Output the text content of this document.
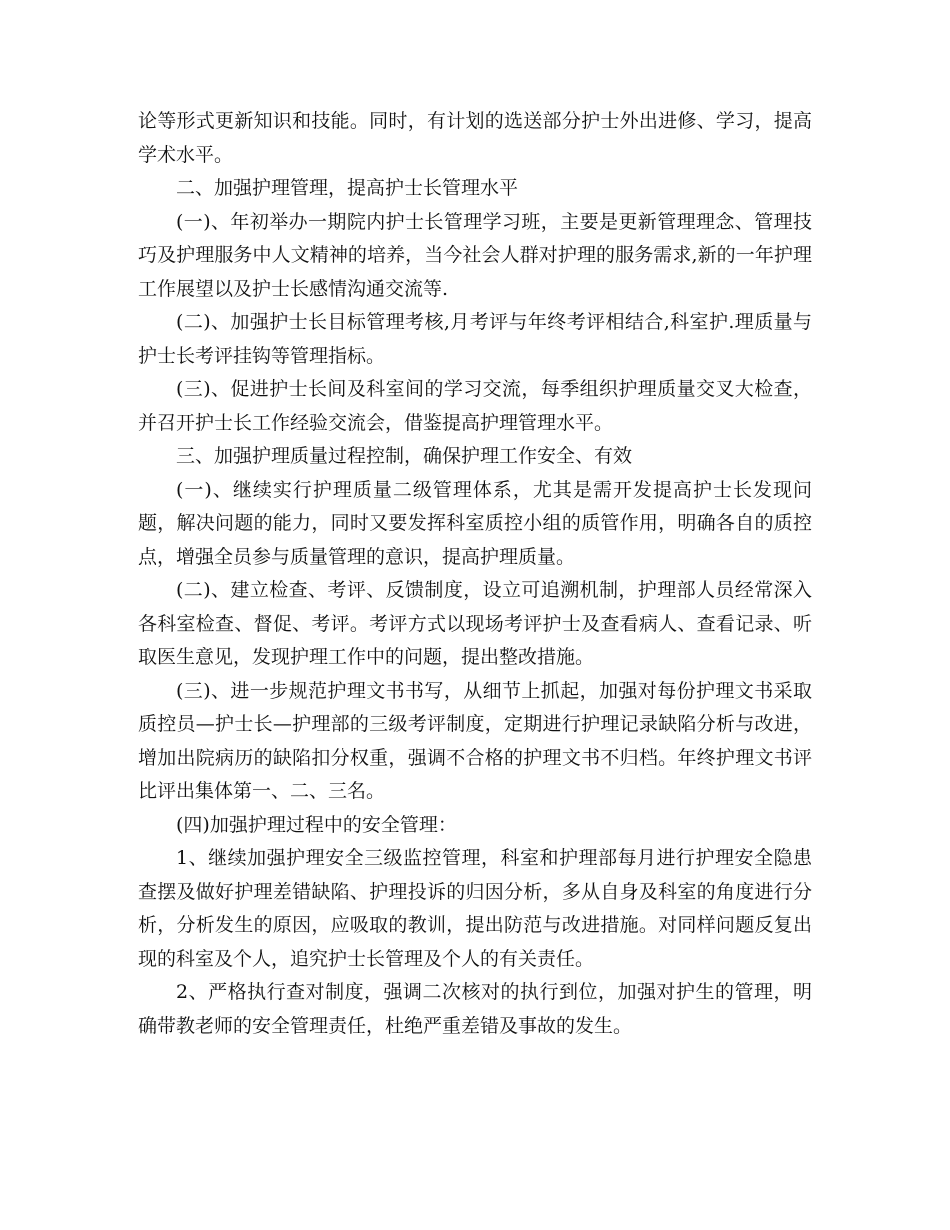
论等形式更新知识和技能。同时，有计划的选送部分护士外出进修、学习，提高学术水平。

二、加强护理管理，提高护士长管理水平

(一)、年初举办一期院内护士长管理学习班，主要是更新管理理念、管理技巧及护理服务中人文精神的培养，当今社会人群对护理的服务需求,新的一年护理工作展望以及护士长感情沟通交流等.

(二)、加强护士长目标管理考核,月考评与年终考评相结合,科室护.理质量与护士长考评挂钩等管理指标。

(三)、促进护士长间及科室间的学习交流，每季组织护理质量交叉大检查，并召开护士长工作经验交流会，借鉴提高护理管理水平。

三、加强护理质量过程控制，确保护理工作安全、有效

(一)、继续实行护理质量二级管理体系，尤其是需开发提高护士长发现问题，解决问题的能力，同时又要发挥科室质控小组的质管作用，明确各自的质控点，增强全员参与质量管理的意识，提高护理质量。

(二)、建立检查、考评、反馈制度，设立可追溯机制，护理部人员经常深入各科室检查、督促、考评。考评方式以现场考评护士及查看病人、查看记录、听取医生意见，发现护理工作中的问题，提出整改措施。

(三)、进一步规范护理文书书写，从细节上抓起，加强对每份护理文书采取质控员—护士长—护理部的三级考评制度，定期进行护理记录缺陷分析与改进，增加出院病历的缺陷扣分权重，强调不合格的护理文书不归档。年终护理文书评比评出集体第一、二、三名。

(四)加强护理过程中的安全管理：

1、继续加强护理安全三级监控管理，科室和护理部每月进行护理安全隐患查摆及做好护理差错缺陷、护理投诉的归因分析，多从自身及科室的角度进行分析，分析发生的原因，应吸取的教训，提出防范与改进措施。对同样问题反复出现的科室及个人，追究护士长管理及个人的有关责任。

2、严格执行查对制度，强调二次核对的执行到位，加强对护生的管理，明确带教老师的安全管理责任，杜绝严重差错及事故的发生。
